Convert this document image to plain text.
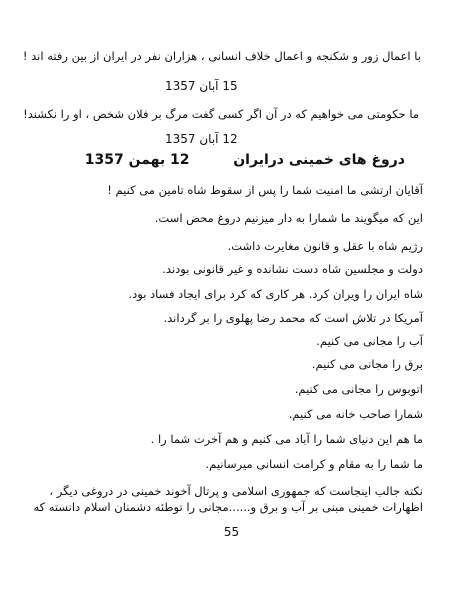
با اعمال زور و شکنجه و اعمال خلاف انسانی ، هزاران نفر در ایران از بین رفته اند !
15 آبان 1357
ما حکومتی می خواهیم که در آن اگر کسی گفت مرگ بر فلان شخص ، او را نکشند!
12 آبان 1357
دروغ های خمینی درایران  12 بهمن 1357
آقایان ارتشی ما امنیت شما را پس از سقوط شاه تامین می کنیم !
این که میگویند ما شمارا به دار میزنیم دروغ محض است.
رژیم شاه با عقل و قانون مغایرت داشت.
دولت و مجلسین شاه دست نشانده و غیر قانونی بودند.
شاه ایران را ویران کرد. هر کاری که کرد برای ایجاد فساد بود.
آمریکا در تلاش است که محمد رضا پهلوی را بر گرداند.
آب را مجانی می کنیم.
برق را مجانی می کنیم.
اتوبوس را مجانی می کنیم.
شمارا صاحب خانه می کنیم.
ما هم این دنیای شما را آباد می کنیم و هم آخرت شما را .
ما شما را به مقام و کرامت انسانی میرسانیم.
نکته جالب اینجاست که جمهوری اسلامی و پرتال آخوند خمینی در دروغی دیگر ،
اظهارات خمینی مبنی بر آب و برق و......مجانی را توطئه دشمنان اسلام دانسته که
55
